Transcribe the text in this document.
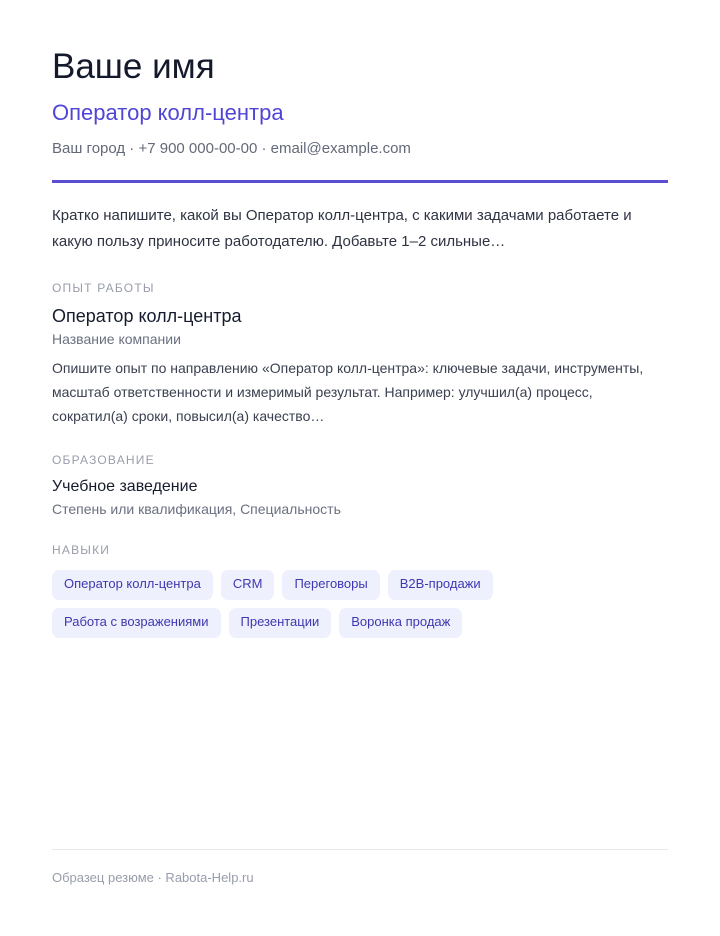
Ваше имя
Оператор колл-центра
Ваш город · +7 900 000-00-00 · email@example.com
Кратко напишите, какой вы Оператор колл-центра, с какими задачами работаете и какую пользу приносите работодателю. Добавьте 1–2 сильные…
ОПЫТ РАБОТЫ
Оператор колл-центра
Название компании
Опишите опыт по направлению «Оператор колл-центра»: ключевые задачи, инструменты, масштаб ответственности и измеримый результат. Например: улучшил(а) процесс, сократил(а) сроки, повысил(а) качество…
ОБРАЗОВАНИЕ
Учебное заведение
Степень или квалификация, Специальность
НАВЫКИ
Оператор колл-центра	CRM	Переговоры	B2B-продажи
Работа с возражениями	Презентации	Воронка продаж
Образец резюме · Rabota-Help.ru
